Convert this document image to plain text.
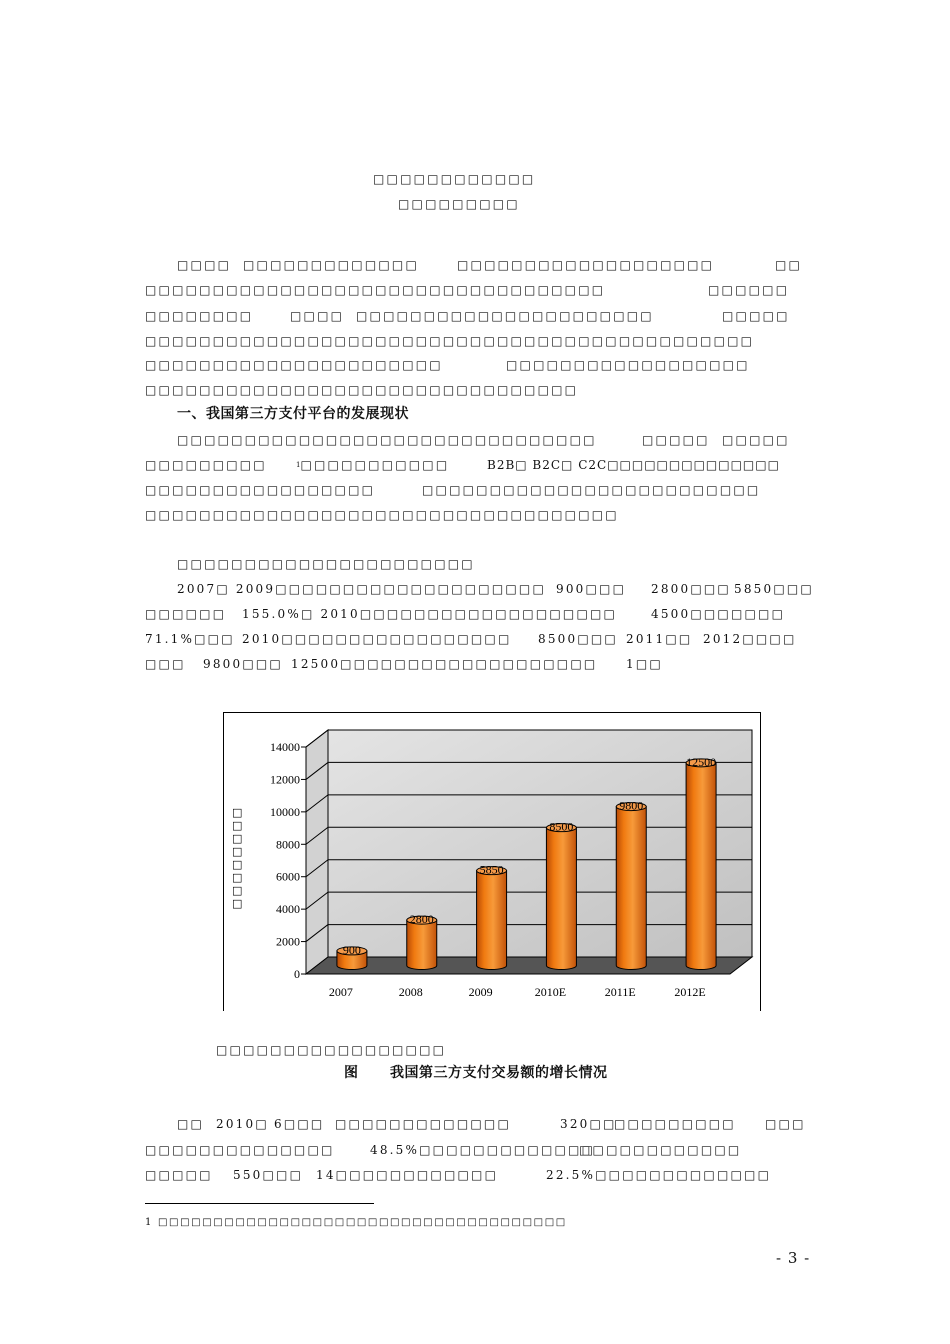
□□□□□□□□□□□□
□□□□□□□□□
□□□□ □□□□□□□□□□□□□	□□□□□□□□□□□□□□□□□□□	□□
□□□□□□□□□□□□□□□□□□□□□□□□□□□□□□□□□□	□□□□□□
□□□□□□□□	□□□□ □□□□□□□□□□□□□□□□□□□□□□	□□□□□
□□□□□□□□□□□□□□□□□□□□□□□□□□□□□□□□□□□□□□□□□□□□□
□□□□□□□□□□□□□□□□□□□□□□	□□□□□□□□□□□□□□□□□□
□□□□□□□□□□□□□□□□□□□□□□□□□□□□□□□□
一、我国第三方支付平台的发展现状
□□□□□□□□□□□□□□□□□□□□□□□□□□□□□□□	□□□□□ □□□□□
□□□□□□□□□	$^1$□□□□□□□□□□□	B2B□ B2C□ C2C□□□□□□□□□□□□□□
□□□□□□□□□□□□□□□□□	□□□□□□□□□□□□□□□□□□□□□□□□□
□□□□□□□□□□□□□□□□□□□□□□□□□□□□□□□□□□□
□□□□□□□□□□□□□□□□□□□□□□
2007□ 2009□□□□□□□□□□□□□□□□□□□□ 900□□□ 2800□□□ 5850□□□
□□□□□□ 155.0%□ 2010□□□□□□□□□□□□□□□□□□□	4500□□□□□□□
71.1%□□□ 2010□□□□□□□□□□□□□□□□□ 8500□□□ 2011□□ 2012□□□□
□□□ 9800□□□ 12500□□□□□□□□□□□□□□□□□□□ 1□□
0
2000
4000
6000
8000
10000
12000
14000
900
2007
2800
2008
5850
2009
8500
2010E
9800
2011E
12500
2012E
□ □ □ □ □ □ □ □
□□□□□□□□□□□□□□□□□
图 我国第三方支付交易额的增长情况
□□ 2010□ 6□□□ □□□□□□□□□□□□□	320□□
□□□□□□□□□ □□□
□□□□□□□□□□□□□□	48.5%□□□□□□□□□□□□□
□□□□□□□□□□□□
□□□□□ 550□□□ 14□□□□□□□□□□□□	22.5%□□□□□□□□□□□□□
1 □□□□□□□□□□□□□□□□□□□□□□□□□□□□□□□□□□□□□
- 3 -
